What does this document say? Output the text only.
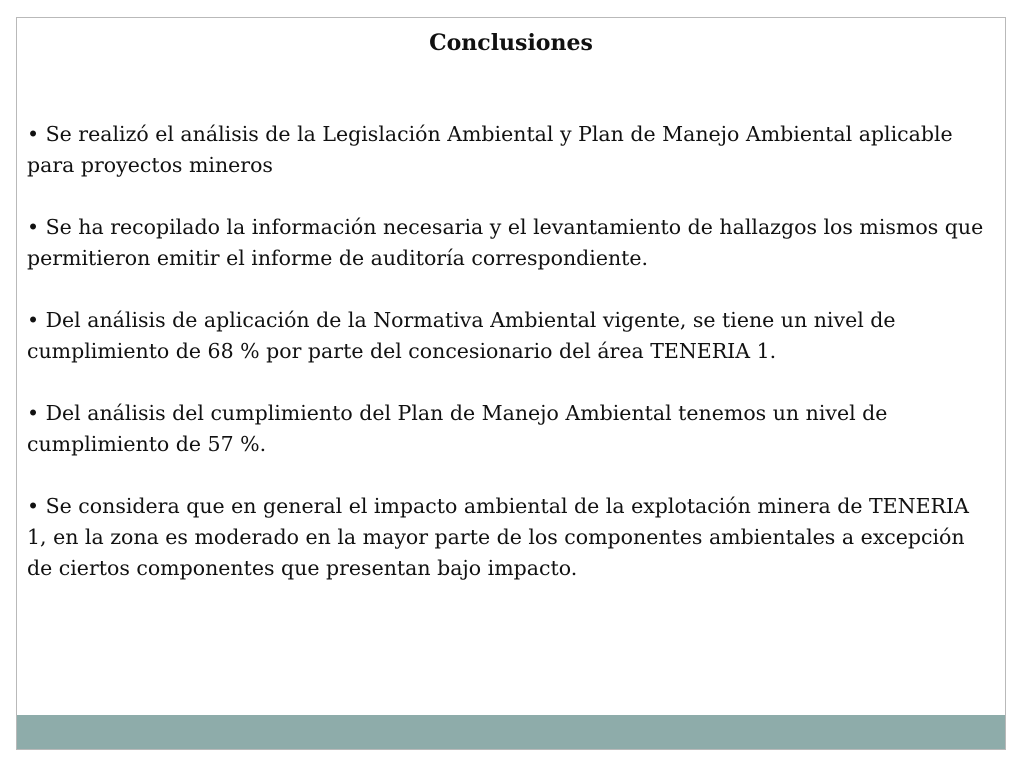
Conclusiones

• Se realizó el análisis de la Legislación Ambiental y Plan de Manejo Ambiental aplicable para proyectos mineros

• Se ha recopilado la información necesaria y el levantamiento de hallazgos los mismos que permitieron emitir el informe de auditoría correspondiente.

• Del análisis de aplicación de la Normativa Ambiental vigente, se tiene un nivel de cumplimiento de 68 % por parte del concesionario del área TENERIA 1.

• Del análisis del cumplimiento del Plan de Manejo Ambiental tenemos un nivel de cumplimiento de 57 %.

• Se considera que en general el impacto ambiental de la explotación minera de TENERIA 1, en la zona es moderado en la mayor parte de los componentes ambientales a excepción de ciertos componentes que presentan bajo impacto.
